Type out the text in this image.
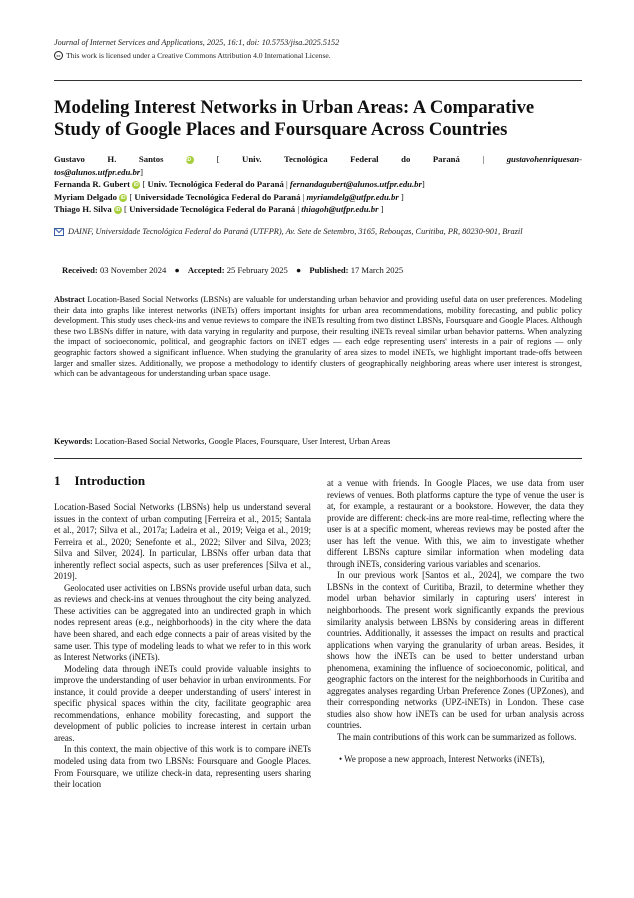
Journal of Internet Services and Applications, 2025, 16:1, doi: 10.5753/jisa.2025.5152
cc This work is licensed under a Creative Commons Attribution 4.0 International License.
Modeling Interest Networks in Urban Areas: A Comparative Study of Google Places and Foursquare Across Countries
Gustavo H. Santos	iD [ Univ. Tecnológica Federal do Paraná | gustavohenriquesan-
tos@alunos.utfpr.edu.br]
Fernanda R. Gubert iD [ Univ. Tecnológica Federal do Paraná | fernandagubert@alunos.utfpr.edu.br]
Myriam Delgado iD [ Universidade Tecnológica Federal do Paraná | myriamdelg@utfpr.edu.br ]
Thiago H. Silva iD [ Universidade Tecnológica Federal do Paraná | thiagoh@utfpr.edu.br ]
DAINF, Universidade Tecnológica Federal do Paraná (UTFPR), Av. Sete de Setembro, 3165, Rebouças, Curitiba, PR, 80230-901, Brazil
Received: 03 November 2024 ● Accepted: 25 February 2025 ● Published: 17 March 2025
Abstract Location-Based Social Networks (LBSNs) are valuable for understanding urban behavior and providing useful data on user preferences. Modeling their data into graphs like interest networks (iNETs) offers important insights for urban area recommendations, mobility forecasting, and public policy development. This study uses check-ins and venue reviews to compare the iNETs resulting from two distinct LBSNs, Foursquare and Google Places. Although these two LBSNs differ in nature, with data varying in regularity and purpose, their resulting iNETs reveal similar urban behavior patterns. When analyzing the impact of socioeconomic, political, and geographic factors on iNET edges — each edge representing users' interests in a pair of regions — only geographic factors showed a significant influence. When studying the granularity of area sizes to model iNETs, we highlight important trade-offs between larger and smaller sizes. Additionally, we propose a methodology to identify clusters of geographically neighboring areas where user interest is strongest, which can be advantageous for understanding urban space usage.
Keywords: Location-Based Social Networks, Google Places, Foursquare, User Interest, Urban Areas
1 Introduction

Location-Based Social Networks (LBSNs) help us understand several issues in the context of urban computing [Ferreira et al., 2015; Santala et al., 2017; Silva et al., 2017a; Ladeira et al., 2019; Veiga et al., 2019; Ferreira et al., 2020; Senefonte et al., 2022; Silver and Silva, 2023; Silva and Silver, 2024]. In particular, LBSNs offer urban data that inherently reflect social aspects, such as user preferences [Silva et al., 2019].

Geolocated user activities on LBSNs provide useful urban data, such as reviews and check-ins at venues throughout the city being analyzed. These activities can be aggregated into an undirected graph in which nodes represent areas (e.g., neighborhoods) in the city where the data have been shared, and each edge connects a pair of areas visited by the same user. This type of modeling leads to what we refer to in this work as Interest Networks (iNETs).

Modeling data through iNETs could provide valuable insights to improve the understanding of user behavior in urban environments. For instance, it could provide a deeper understanding of users' interest in specific physical spaces within the city, facilitate geographic area recommendations, enhance mobility forecasting, and support the development of public policies to increase interest in certain urban areas.

In this context, the main objective of this work is to compare iNETs modeled using data from two LBSNs: Foursquare and Google Places. From Foursquare, we utilize check-in data, representing users sharing their location

at a venue with friends. In Google Places, we use data from user reviews of venues. Both platforms capture the type of venue the user is at, for example, a restaurant or a bookstore. However, the data they provide are different: check-ins are more real-time, reflecting where the user is at a specific moment, whereas reviews may be posted after the user has left the venue. With this, we aim to investigate whether different LBSNs capture similar information when modeling data through iNETs, considering various variables and scenarios.

In our previous work [Santos et al., 2024], we compare the two LBSNs in the context of Curitiba, Brazil, to determine whether they model urban behavior similarly in capturing users' interest in neighborhoods. The present work significantly expands the previous similarity analysis between LBSNs by considering areas in different countries. Additionally, it assesses the impact on results and practical applications when varying the granularity of urban areas. Besides, it shows how the iNETs can be used to better understand urban phenomena, examining the influence of socioeconomic, political, and geographic factors on the interest for the neighborhoods in Curitiba and aggregates analyses regarding Urban Preference Zones (UPZones), and their corresponding networks (UPZ-iNETs) in London. These case studies also show how iNETs can be used for urban analysis across countries.

The main contributions of this work can be summarized as follows.

• We propose a new approach, Interest Networks (iNETs),
